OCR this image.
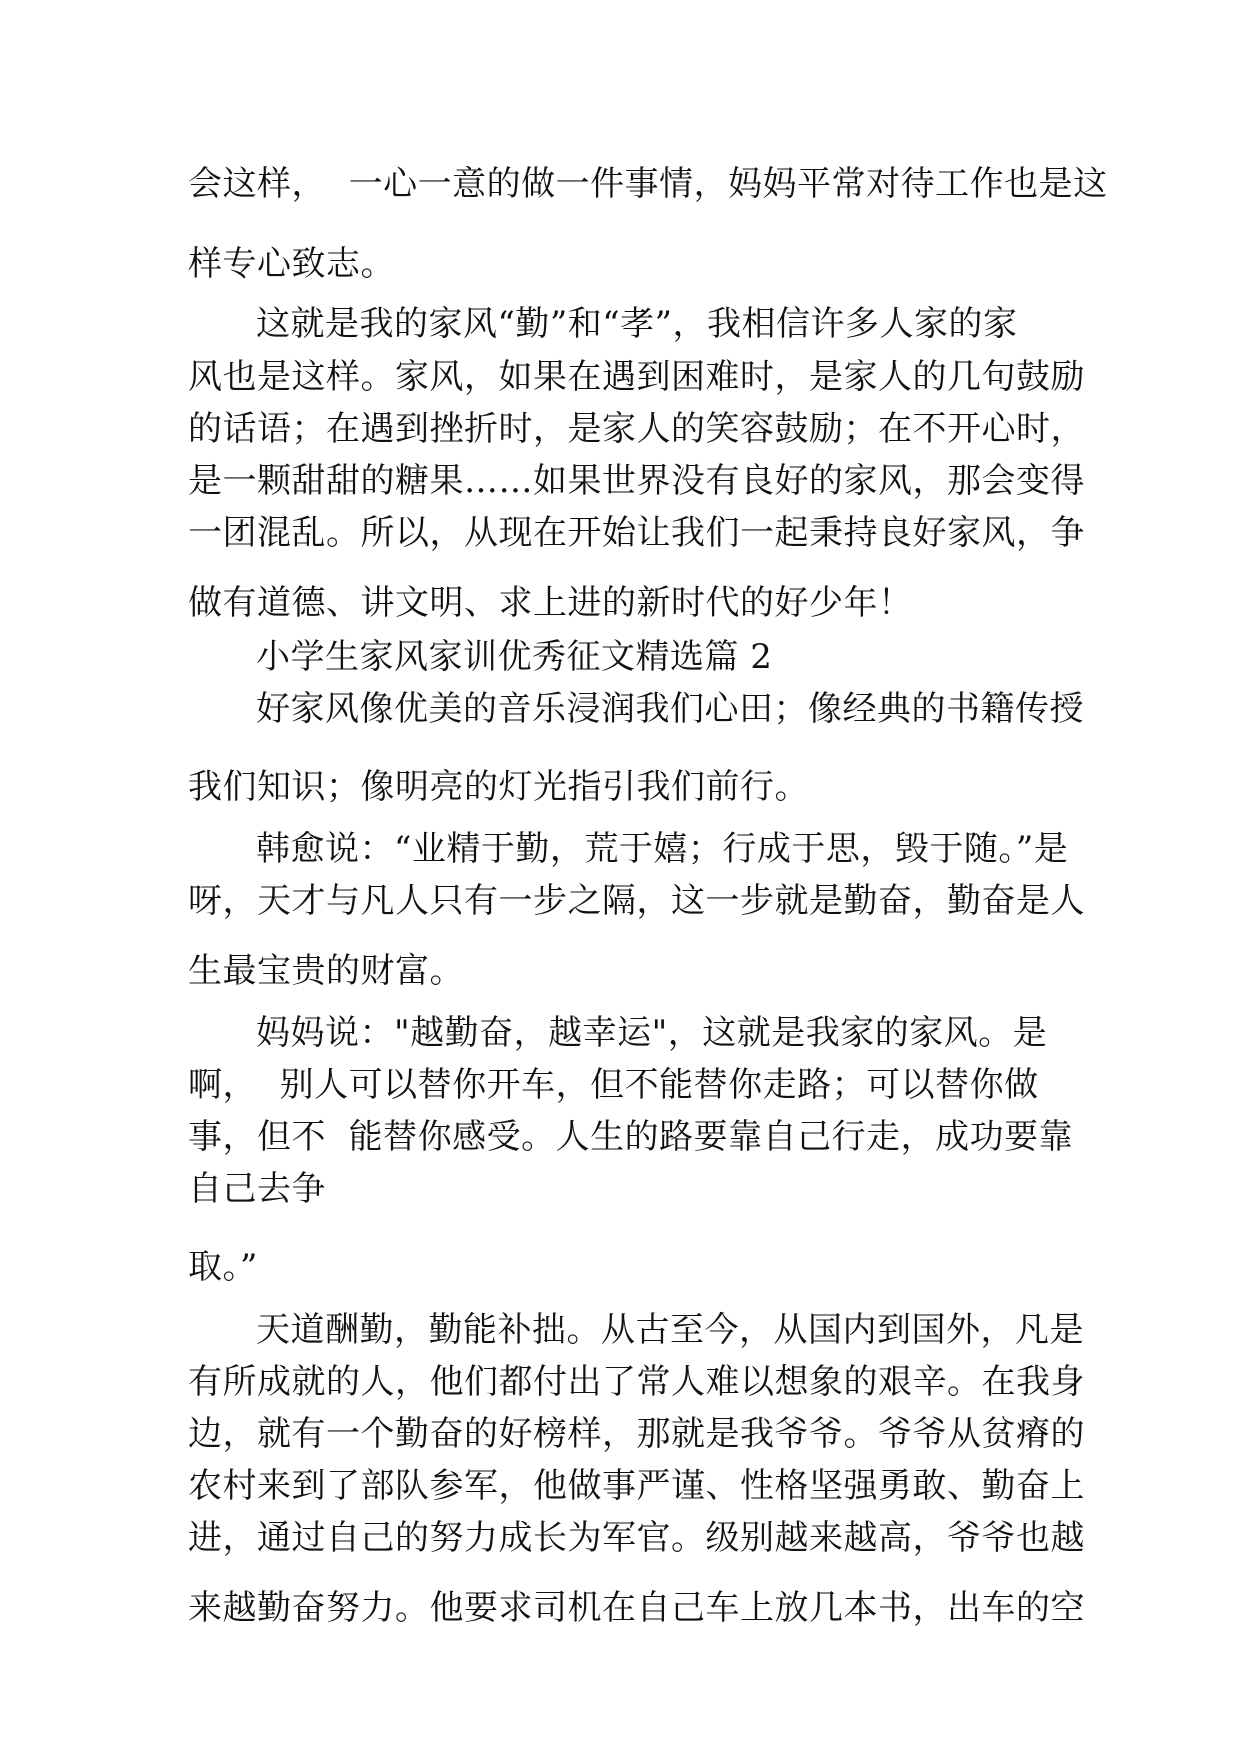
会这样，  一心一意的做一件事情，妈妈平常对待工作也是这
样专心致志。
这就是我的家风“勤”和“孝”，我相信许多人家的家
风也是这样。家风，如果在遇到困难时，是家人的几句鼓励
的话语；在遇到挫折时，是家人的笑容鼓励；在不开心时，
是一颗甜甜的糖果……如果世界没有良好的家风，那会变得
一团混乱。所以，从现在开始让我们一起秉持良好家风，争
做有道德、讲文明、求上进的新时代的好少年！
小学生家风家训优秀征文精选篇 2
好家风像优美的音乐浸润我们心田；像经典的书籍传授
我们知识；像明亮的灯光指引我们前行。
韩愈说：“业精于勤，荒于嬉；行成于思，毁于随。”是
呀，天才与凡人只有一步之隔，这一步就是勤奋，勤奋是人
生最宝贵的财富。
妈妈说："越勤奋，越幸运"，这就是我家的家风。是
啊，  别人可以替你开车，但不能替你走路；可以替你做
事，但不  能替你感受。人生的路要靠自己行走，成功要靠
自己去争
取。”
天道酬勤，勤能补拙。从古至今，从国内到国外，凡是
有所成就的人，他们都付出了常人难以想象的艰辛。在我身
边，就有一个勤奋的好榜样，那就是我爷爷。爷爷从贫瘠的
农村来到了部队参军，他做事严谨、性格坚强勇敢、勤奋上
进，通过自己的努力成长为军官。级别越来越高，爷爷也越
来越勤奋努力。他要求司机在自己车上放几本书，出车的空
